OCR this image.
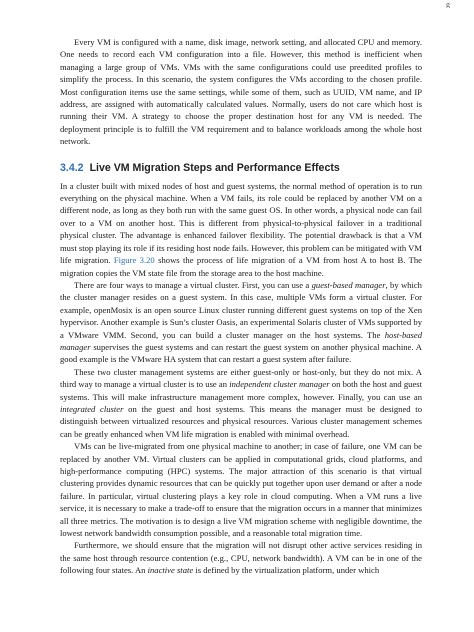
g

Every VM is configured with a name, disk image, network setting, and allocated CPU and memory. One needs to record each VM configuration into a file. However, this method is inefficient when managing a large group of VMs. VMs with the same configurations could use preedited profiles to simplify the process. In this scenario, the system configures the VMs according to the chosen profile. Most configuration items use the same settings, while some of them, such as UUID, VM name, and IP address, are assigned with automatically calculated values. Normally, users do not care which host is running their VM. A strategy to choose the proper destination host for any VM is needed. The deployment principle is to fulfill the VM requirement and to balance workloads among the whole host network.

3.4.2 Live VM Migration Steps and Performance Effects

In a cluster built with mixed nodes of host and guest systems, the normal method of operation is to run everything on the physical machine. When a VM fails, its role could be replaced by another VM on a different node, as long as they both run with the same guest OS. In other words, a physical node can fail over to a VM on another host. This is different from physical-to-physical failover in a traditional physical cluster. The advantage is enhanced failover flexibility. The potential drawback is that a VM must stop playing its role if its residing host node fails. However, this problem can be mitigated with VM life migration. Figure 3.20 shows the process of life migration of a VM from host A to host B. The migration copies the VM state file from the storage area to the host machine.

There are four ways to manage a virtual cluster. First, you can use a guest-based manager, by which the cluster manager resides on a guest system. In this case, multiple VMs form a virtual cluster. For example, openMosix is an open source Linux cluster running different guest systems on top of the Xen hypervisor. Another example is Sun’s cluster Oasis, an experimental Solaris cluster of VMs supported by a VMware VMM. Second, you can build a cluster manager on the host systems. The host-based manager supervises the guest systems and can restart the guest system on another physical machine. A good example is the VMware HA system that can restart a guest system after failure.

These two cluster management systems are either guest-only or host-only, but they do not mix. A third way to manage a virtual cluster is to use an independent cluster manager on both the host and guest systems. This will make infrastructure management more complex, however. Finally, you can use an integrated cluster on the guest and host systems. This means the manager must be designed to distinguish between virtualized resources and physical resources. Various cluster management schemes can be greatly enhanced when VM life migration is enabled with minimal overhead.

VMs can be live-migrated from one physical machine to another; in case of failure, one VM can be replaced by another VM. Virtual clusters can be applied in computational grids, cloud platforms, and high-performance computing (HPC) systems. The major attraction of this scenario is that virtual clustering provides dynamic resources that can be quickly put together upon user demand or after a node failure. In particular, virtual clustering plays a key role in cloud computing. When a VM runs a live service, it is necessary to make a trade-off to ensure that the migration occurs in a manner that minimizes all three metrics. The motivation is to design a live VM migration scheme with negligible downtime, the lowest network bandwidth consumption possible, and a reasonable total migration time.

Furthermore, we should ensure that the migration will not disrupt other active services residing in the same host through resource contention (e.g., CPU, network bandwidth). A VM can be in one of the following four states. An inactive state is defined by the virtualization platform, under which
